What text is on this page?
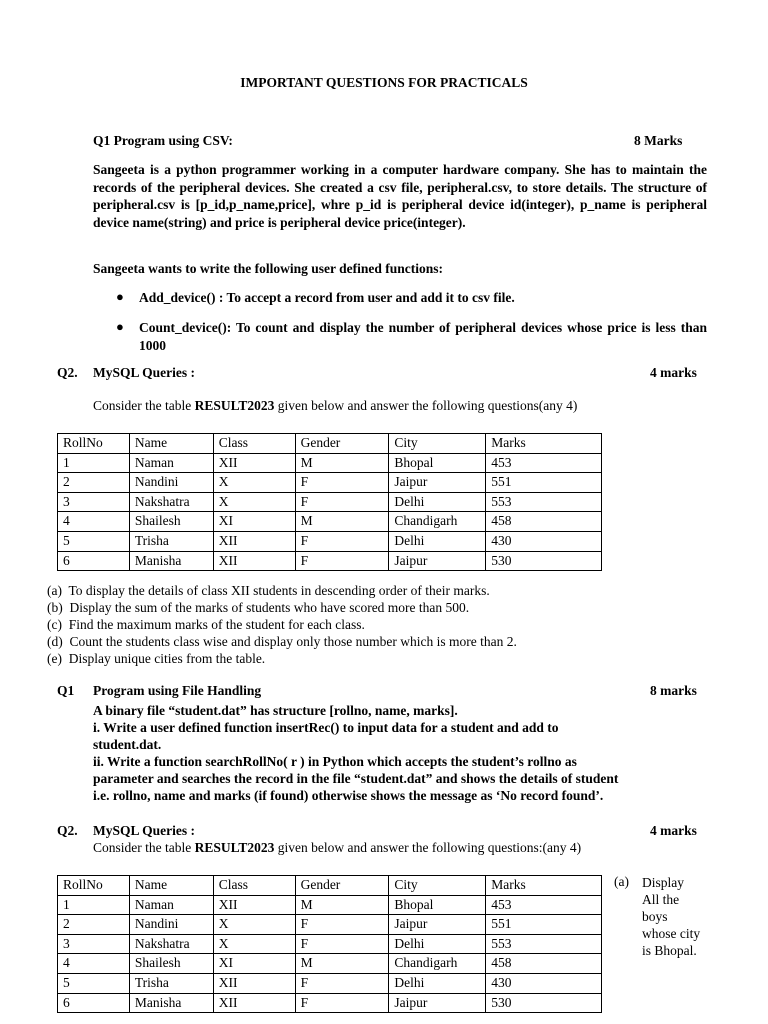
IMPORTANT QUESTIONS FOR PRACTICALS
Q1 Program using CSV:	8 Marks
Sangeeta is a python programmer working in a computer hardware company. She has to maintain the records of the peripheral devices. She created a csv file, peripheral.csv, to store details. The structure of peripheral.csv is [p_id,p_name,price], whre p_id is peripheral device id(integer), p_name is peripheral device name(string) and price is peripheral device price(integer).
Sangeeta wants to write the following user defined functions:
● Add_device() : To accept a record from user and add it to csv file.
● Count_device(): To count and display the number of peripheral devices whose price is less than 1000
Q2. MySQL Queries :	4 marks
Consider the table RESULT2023 given below and answer the following questions(any 4)
RollNo	Name	Class	Gender	City	Marks
1	Naman	XII	M	Bhopal	453
2	Nandini	X	F	Jaipur	551
3	Nakshatra	X	F	Delhi	553
4	Shailesh	XI	M	Chandigarh	458
5	Trisha	XII	F	Delhi	430
6	Manisha	XII	F	Jaipur	530
(a) To display the details of class XII students in descending order of their marks.
(b) Display the sum of the marks of students who have scored more than 500.
(c) Find the maximum marks of the student for each class.
(d) Count the students class wise and display only those number which is more than 2.
(e) Display unique cities from the table.
Q1 Program using File Handling	8 marks
A binary file “student.dat” has structure [rollno, name, marks].
i. Write a user defined function insertRec() to input data for a student and add to
student.dat.
ii. Write a function searchRollNo( r ) in Python which accepts the student’s rollno as
parameter and searches the record in the file “student.dat” and shows the details of student
i.e. rollno, name and marks (if found) otherwise shows the message as ‘No record found’.
Q2. MySQL Queries :	4 marks
Consider the table RESULT2023 given below and answer the following questions:(any 4)
RollNo	Name	Class	Gender	City	Marks
1	Naman	XII	M	Bhopal	453
2	Nandini	X	F	Jaipur	551
3	Nakshatra	X	F	Delhi	553
4	Shailesh	XI	M	Chandigarh	458
5	Trisha	XII	F	Delhi	430
6	Manisha	XII	F	Jaipur	530
(a) Display
All the
boys
whose city
is Bhopal.
